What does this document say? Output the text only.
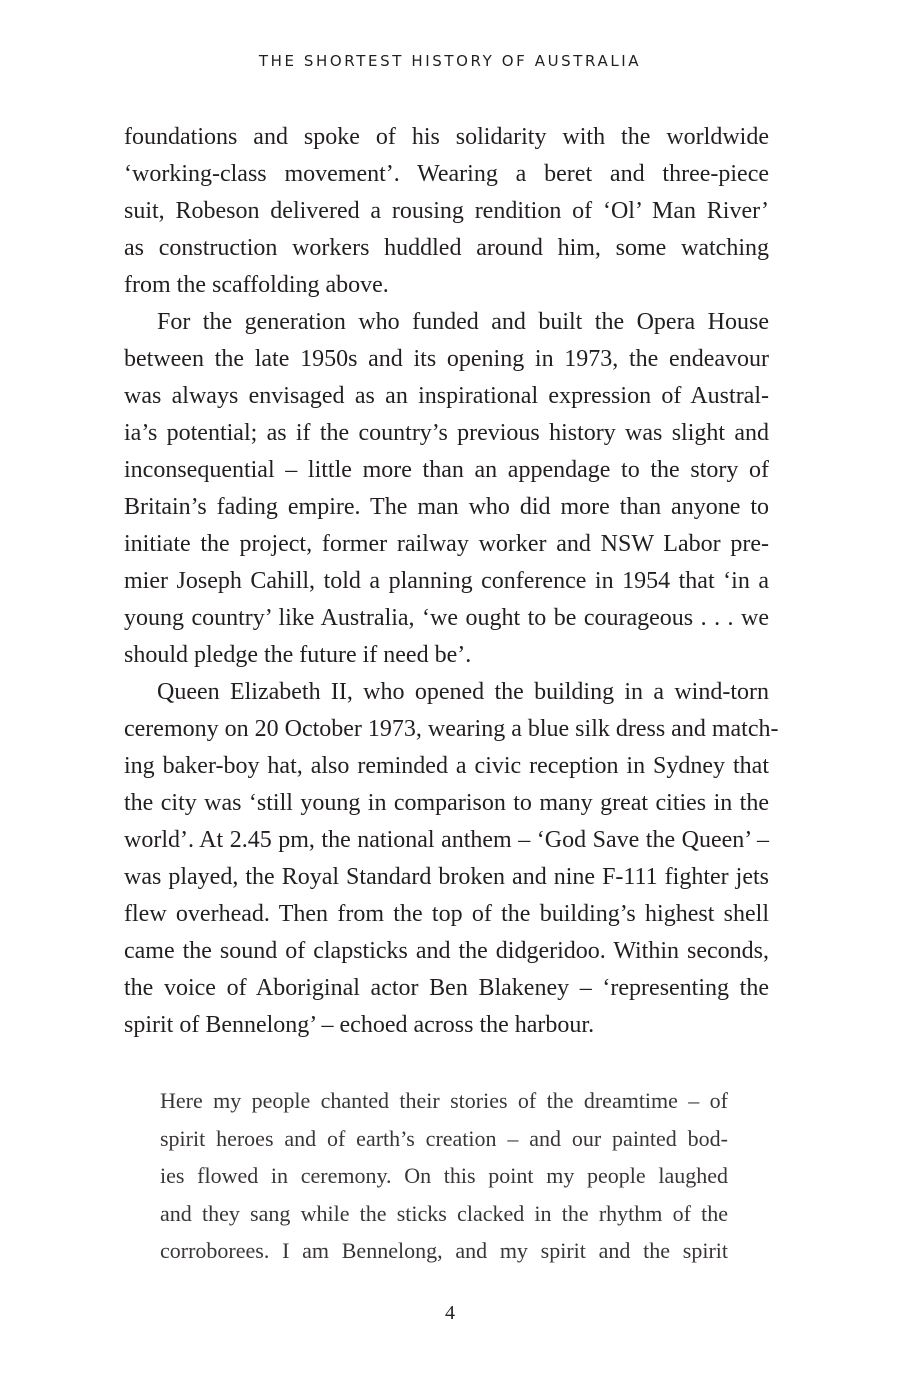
THE SHORTEST HISTORY OF AUSTRALIA
foundations and spoke of his solidarity with the worldwide
‘working-class movement’. Wearing a beret and three-piece
suit, Robeson delivered a rousing rendition of ‘Ol’ Man River’
as construction workers huddled around him, some watching
from the scaffolding above.
For the generation who funded and built the Opera House
between the late 1950s and its opening in 1973, the endeavour
was always envisaged as an inspirational expression of Austral-
ia’s potential; as if the country’s previous history was slight and
inconsequential – little more than an appendage to the story of
Britain’s fading empire. The man who did more than anyone to
initiate the project, former railway worker and NSW Labor pre-
mier Joseph Cahill, told a planning conference in 1954 that ‘in a
young country’ like Australia, ‘we ought to be courageous . . . we
should pledge the future if need be’.
Queen Elizabeth II, who opened the building in a wind-torn
ceremony on 20 October 1973, wearing a blue silk dress and match-
ing baker-boy hat, also reminded a civic reception in Sydney that
the city was ‘still young in comparison to many great cities in the
world’. At 2.45 pm, the national anthem – ‘God Save the Queen’ –
was played, the Royal Standard broken and nine F-111 fighter jets
flew overhead. Then from the top of the building’s highest shell
came the sound of clapsticks and the didgeridoo. Within seconds,
the voice of Aboriginal actor Ben Blakeney – ‘representing the
spirit of Bennelong’ – echoed across the harbour.
Here my people chanted their stories of the dreamtime – of
spirit heroes and of earth’s creation – and our painted bod-
ies flowed in ceremony. On this point my people laughed
and they sang while the sticks clacked in the rhythm of the
corroborees. I am Bennelong, and my spirit and the spirit
4
